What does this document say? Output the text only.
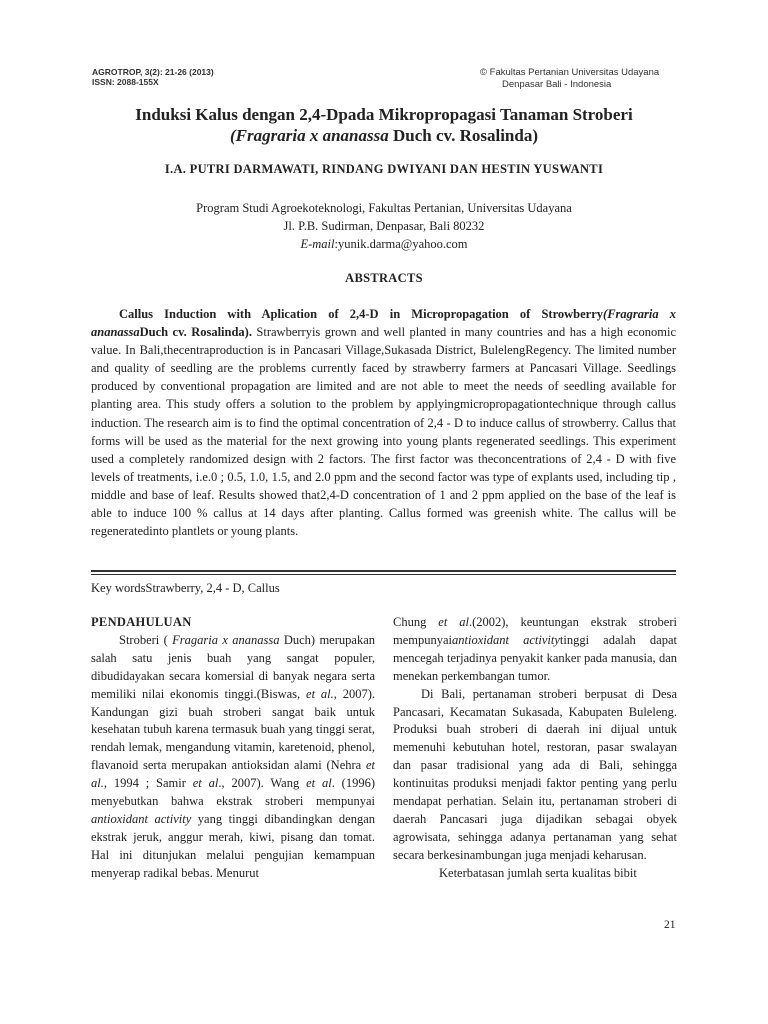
AGROTROP, 3(2): 21-26 (2013)
ISSN: 2088-155X
© Fakultas Pertanian Universitas Udayana
Denpasar Bali - Indonesia
Induksi Kalus dengan 2,4-Dpada Mikropropagasi Tanaman Stroberi
(Fragraria x ananassa Duch cv. Rosalinda)
I.A. PUTRI DARMAWATI, RINDANG DWIYANI DAN HESTIN YUSWANTI
Program Studi Agroekoteknologi, Fakultas Pertanian, Universitas Udayana
Jl. P.B. Sudirman, Denpasar, Bali 80232
E-mail:yunik.darma@yahoo.com
ABSTRACTS
Callus Induction with Aplication of 2,4-D in Micropropagation of Strowberry(Fragraria x ananassaDuch cv. Rosalinda). Strawberryis grown and well planted in many countries and has a high economic value. In Bali,thecentraproduction is in Pancasari Village,Sukasada District, BulelengRegency. The limited number and quality of seedling are the problems currently faced by strawberry farmers at Pancasari Village. Seedlings produced by conventional propagation are limited and are not able to meet the needs of seedling available for planting area. This study offers a solution to the problem by applyingmicropropagationtechnique through callus induction. The research aim is to find the optimal concentration of 2,4 - D to induce callus of strowberry. Callus that forms will be used as the material for the next growing into young plants regenerated seedlings. This experiment used a completely randomized design with 2 factors. The first factor was theconcentrations of 2,4 - D with five levels of treatments, i.e.0 ; 0.5, 1.0, 1.5, and 2.0 ppm and the second factor was type of explants used, including tip , middle and base of leaf. Results showed that2,4-D concentration of 1 and 2 ppm applied on the base of the leaf is able to induce 100 % callus at 14 days after planting. Callus formed was greenish white. The callus will be regeneratedinto plantlets or young plants.
Key wordsStrawberry, 2,4 - D, Callus
PENDAHULUAN

Stroberi ( Fragaria x ananassa Duch) merupakan salah satu jenis buah yang sangat populer, dibudidayakan secara komersial di banyak negara serta memiliki nilai ekonomis tinggi.(Biswas, et al., 2007). Kandungan gizi buah stroberi sangat baik untuk kesehatan tubuh karena termasuk buah yang tinggi serat, rendah lemak, mengandung vitamin, karetenoid, phenol, flavanoid serta merupakan antioksidan alami (Nehra et al., 1994 ; Samir et al., 2007). Wang et al. (1996) menyebutkan bahwa ekstrak stroberi mempunyai antioxidant activity yang tinggi dibandingkan dengan ekstrak jeruk, anggur merah, kiwi, pisang dan tomat. Hal ini ditunjukan melalui pengujian kemampuan menyerap radikal bebas. Menurut

Chung et al.(2002), keuntungan ekstrak stroberi mempunyaiantioxidant activitytinggi adalah dapat mencegah terjadinya penyakit kanker pada manusia, dan menekan perkembangan tumor.

Di Bali, pertanaman stroberi berpusat di Desa Pancasari, Kecamatan Sukasada, Kabupaten Buleleng. Produksi buah stroberi di daerah ini dijual untuk memenuhi kebutuhan hotel, restoran, pasar swalayan dan pasar tradisional yang ada di Bali, sehingga kontinuitas produksi menjadi faktor penting yang perlu mendapat perhatian. Selain itu, pertanaman stroberi di daerah Pancasari juga dijadikan sebagai obyek agrowisata, sehingga adanya pertanaman yang sehat secara berkesinambungan juga menjadi keharusan.

Keterbatasan jumlah serta kualitas bibit

21
